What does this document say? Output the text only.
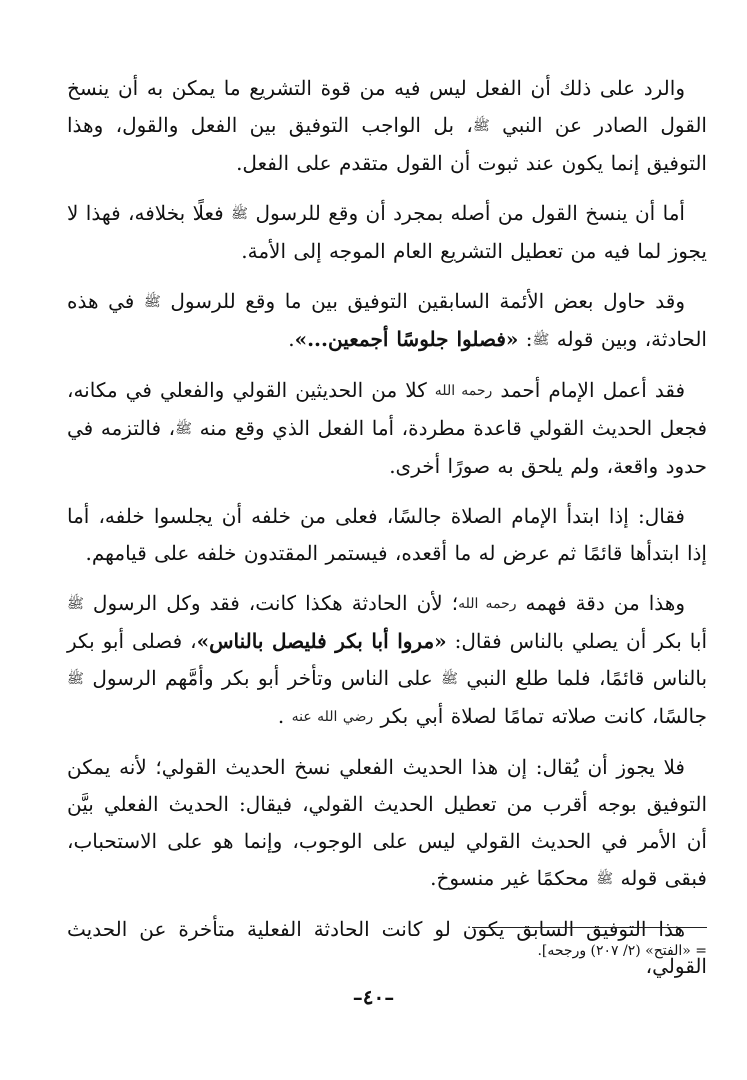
والرد على ذلك أن الفعل ليس فيه من قوة التشريع ما يمكن به أن ينسخ القول الصادر عن النبي ﷺ، بل الواجب التوفيق بين الفعل والقول، وهذا التوفيق إنما يكون عند ثبوت أن القول متقدم على الفعل.

أما أن ينسخ القول من أصله بمجرد أن وقع للرسول ﷺ فعلًا بخلافه، فهذا لا يجوز لما فيه من تعطيل التشريع العام الموجه إلى الأمة.

وقد حاول بعض الأئمة السابقين التوفيق بين ما وقع للرسول ﷺ في هذه الحادثة، وبين قوله ﷺ: «فصلوا جلوسًا أجمعين...».

فقد أعمل الإمام أحمد رحمه الله كلا من الحديثين القولي والفعلي في مكانه، فجعل الحديث القولي قاعدة مطردة، أما الفعل الذي وقع منه ﷺ، فالتزمه في حدود واقعة، ولم يلحق به صورًا أخرى.

فقال: إذا ابتدأ الإمام الصلاة جالسًا، فعلى من خلفه أن يجلسوا خلفه، أما إذا ابتدأها قائمًا ثم عرض له ما أقعده، فيستمر المقتدون خلفه على قيامهم.

وهذا من دقة فهمه رحمه الله؛ لأن الحادثة هكذا كانت، فقد وكل الرسول ﷺ أبا بكر أن يصلي بالناس فقال: «مروا أبا بكر فليصل بالناس»، فصلى أبو بكر بالناس قائمًا، فلما طلع النبي ﷺ على الناس وتأخر أبو بكر وأمَّهم الرسول ﷺ جالسًا، كانت صلاته تمامًا لصلاة أبي بكر رضي الله عنه .

فلا يجوز أن يُقال: إن هذا الحديث الفعلي نسخ الحديث القولي؛ لأنه يمكن التوفيق بوجه أقرب من تعطيل الحديث القولي، فيقال: الحديث الفعلي بيَّن أن الأمر في الحديث القولي ليس على الوجوب، وإنما هو على الاستحباب، فبقى قوله ﷺ محكمًا غير منسوخ.

هذا التوفيق السابق يكون لو كانت الحادثة الفعلية متأخرة عن الحديث القولي،

= «الفتح» (٢/ ٢٠٧) ورجحه].
–٤٠–
